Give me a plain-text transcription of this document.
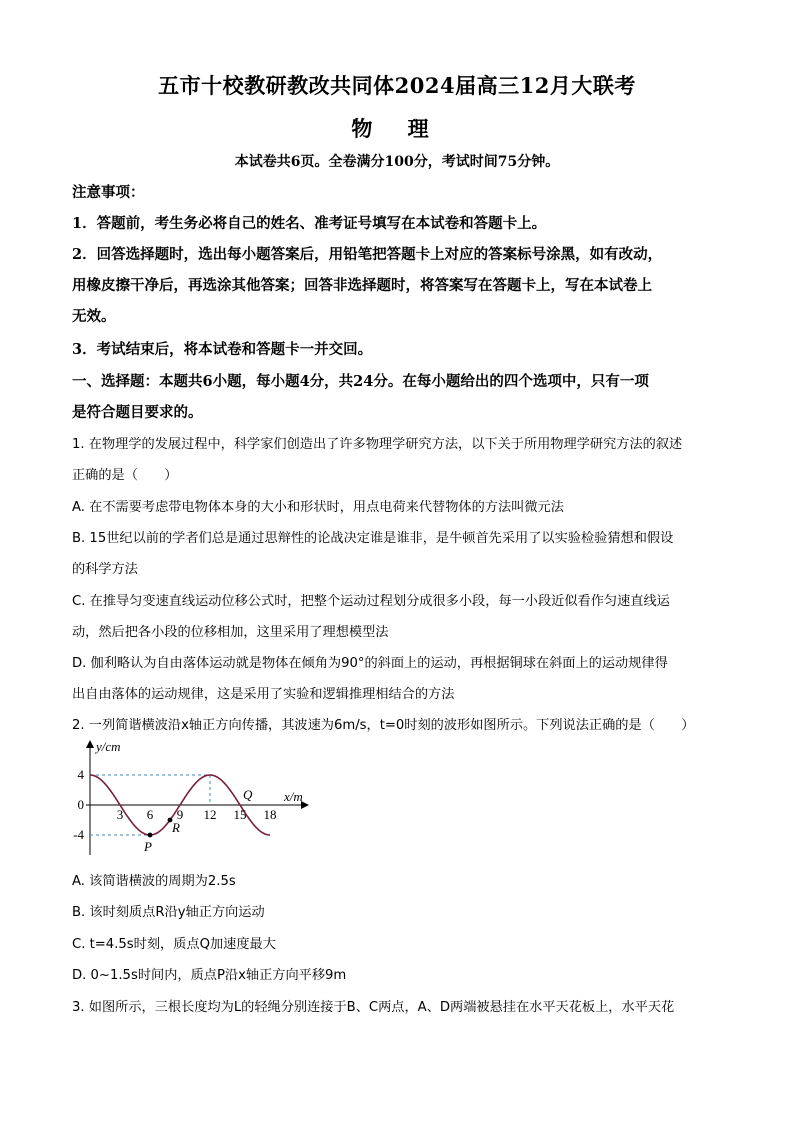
五市十校教研教改共同体2024届高三12月大联考
物 理
本试卷共6页。全卷满分100分，考试时间75分钟。
注意事项：
1．答题前，考生务必将自己的姓名、准考证号填写在本试卷和答题卡上。
2．回答选择题时，选出每小题答案后，用铅笔把答题卡上对应的答案标号涂黑，如有改动，
用橡皮擦干净后，再选涂其他答案；回答非选择题时，将答案写在答题卡上，写在本试卷上
无效。
3．考试结束后，将本试卷和答题卡一并交回。
一、选择题：本题共6小题，每小题4分，共24分。在每小题给出的四个选项中，只有一项
是符合题目要求的。
1. 在物理学的发展过程中，科学家们创造出了许多物理学研究方法，以下关于所用物理学研究方法的叙述
正确的是（　　）
A. 在不需要考虑带电物体本身的大小和形状时，用点电荷来代替物体的方法叫微元法
B. 15世纪以前的学者们总是通过思辩性的论战决定谁是谁非，是牛顿首先采用了以实验检验猜想和假设
的科学方法
C. 在推导匀变速直线运动位移公式时，把整个运动过程划分成很多小段，每一小段近似看作匀速直线运
动，然后把各小段的位移相加，这里采用了理想模型法
D. 伽利略认为自由落体运动就是物体在倾角为90°的斜面上的运动，再根据铜球在斜面上的运动规律得
出自由落体的运动规律，这是采用了实验和逻辑推理相结合的方法
2. 一列简谐横波沿x轴正方向传播，其波速为6m/s，t=0时刻的波形如图所示。下列说法正确的是（　　）
y/cm
x/m
3 6 9 12 15 18
4
0
-4
P
R
Q
A. 该简谐横波的周期为2.5s
B. 该时刻质点R沿y轴正方向运动
C. t=4.5s时刻，质点Q加速度最大
D. 0~1.5s时间内，质点P沿x轴正方向平移9m
3. 如图所示，三根长度均为L的轻绳分别连接于B、C两点，A、D两端被悬挂在水平天花板上，水平天花
